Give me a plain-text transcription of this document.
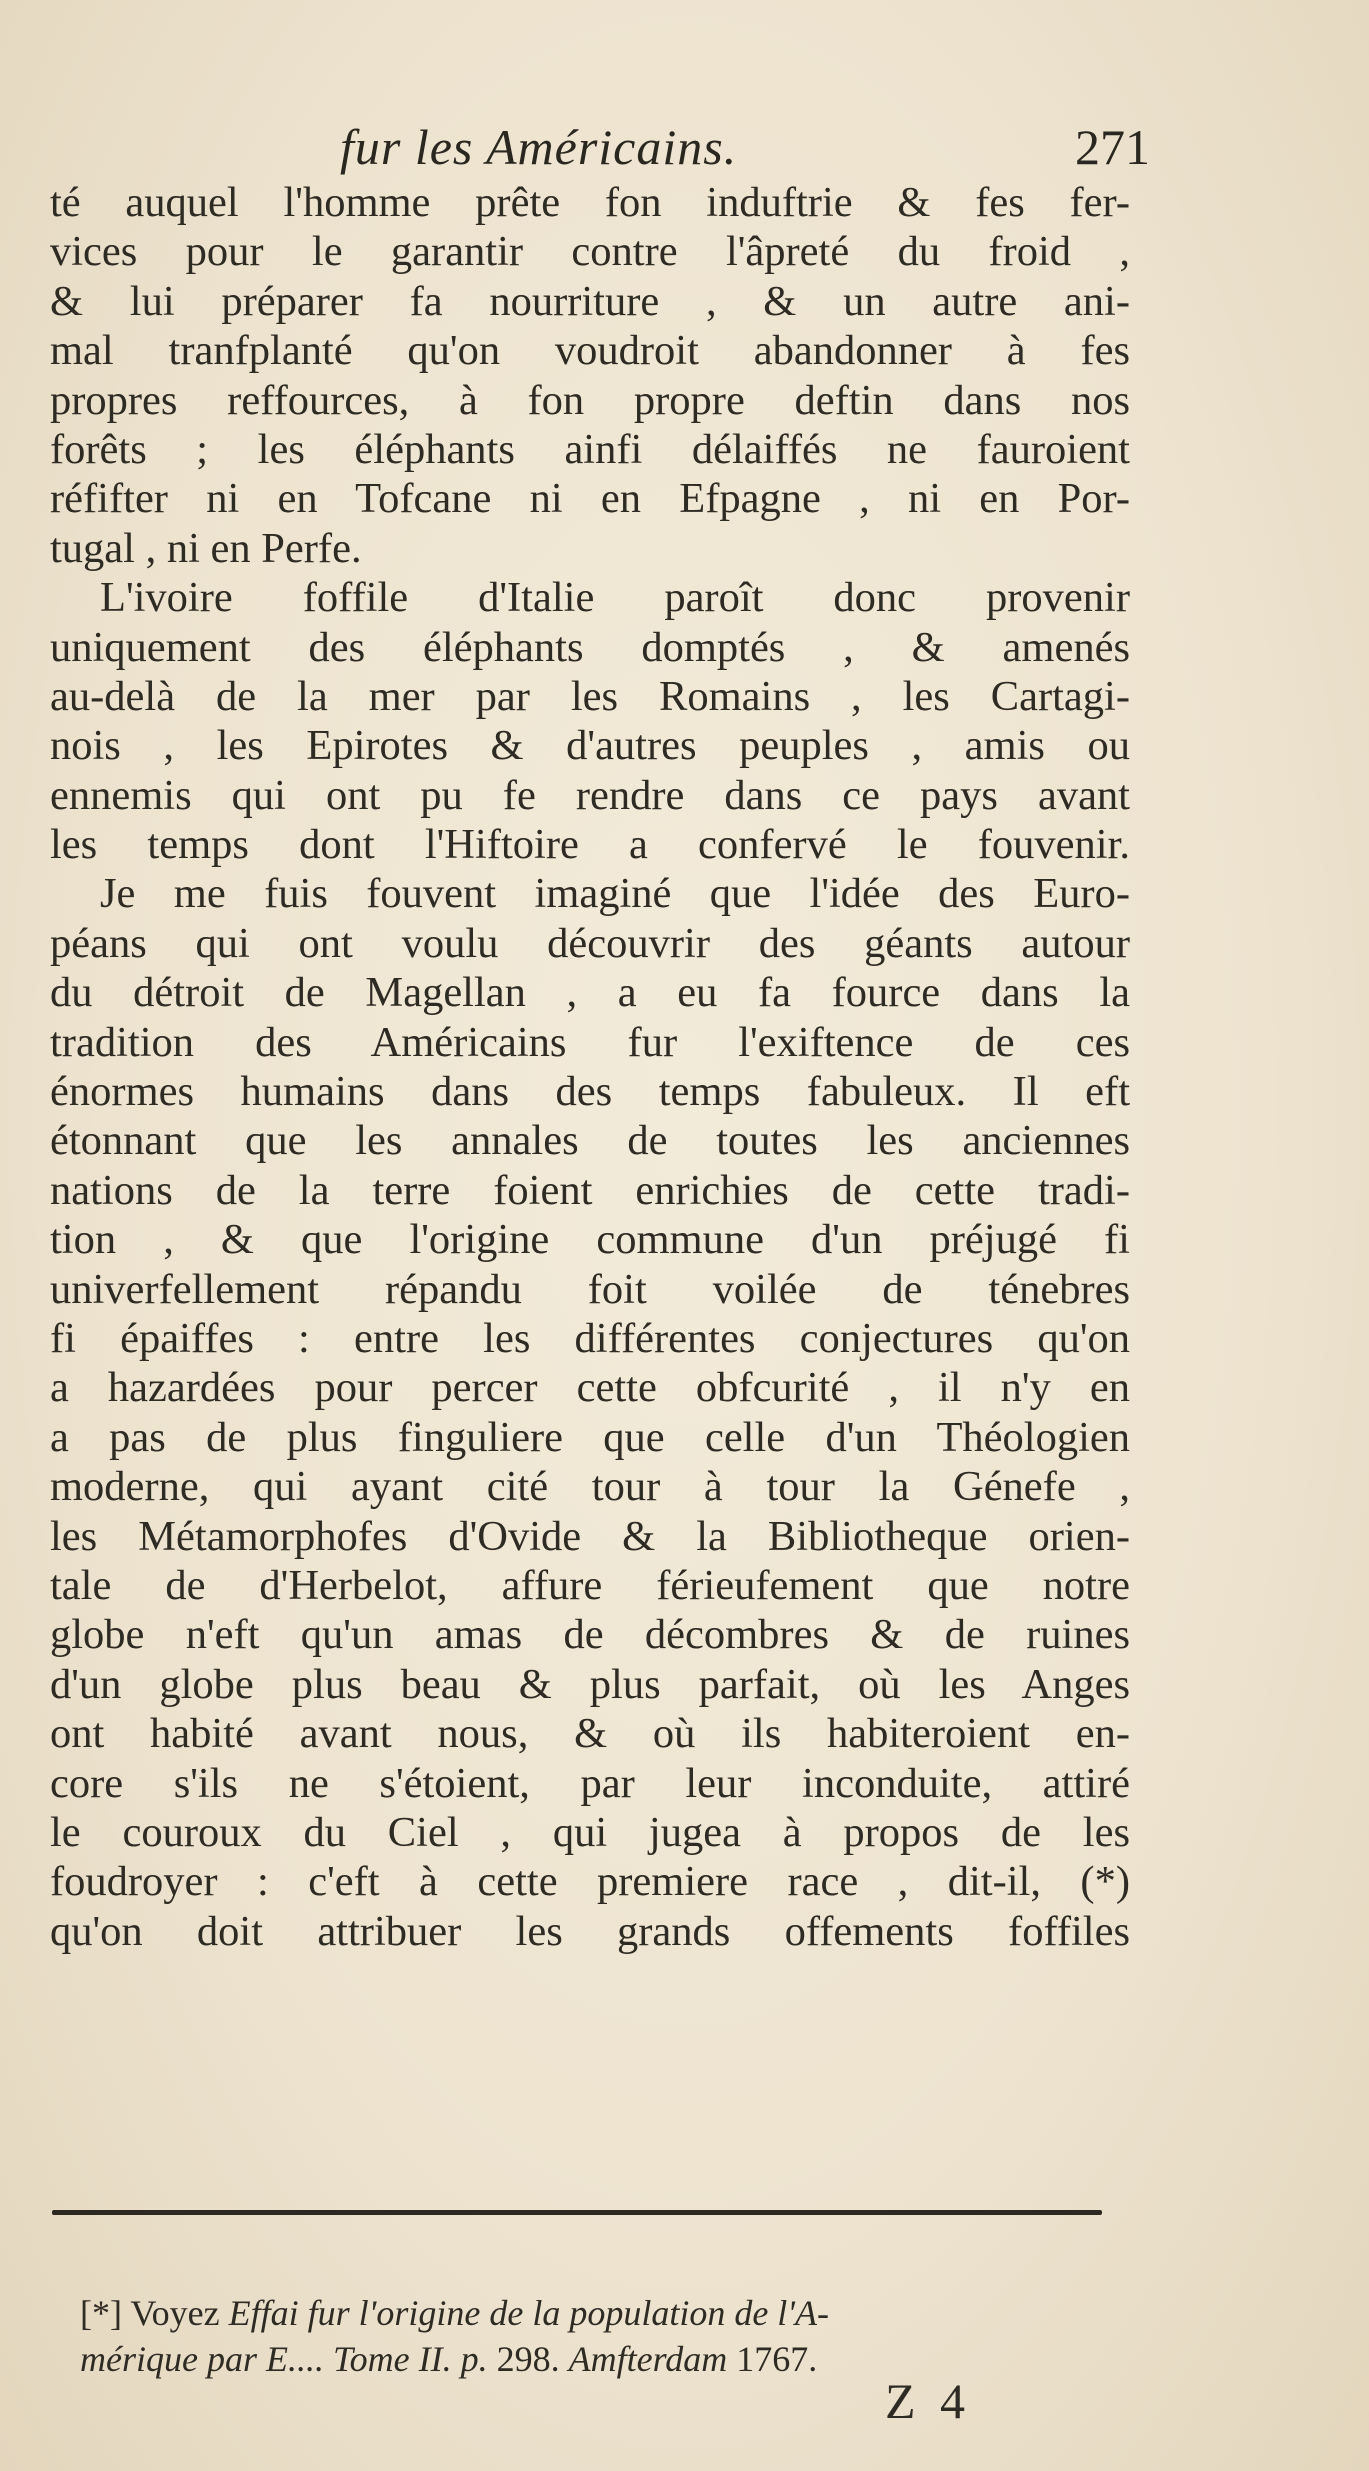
fur les Américains.	271
té auquel l'homme prête fon induftrie & fes fer-
vices pour le garantir contre l'âpreté du froid ,
& lui préparer fa nourriture , & un autre ani-
mal tranfplanté qu'on voudroit abandonner à fes
propres reffources, à fon propre deftin dans nos
forêts ; les éléphants ainfi délaiffés ne fauroient
réfifter ni en Tofcane ni en Efpagne , ni en Por-
tugal , ni en Perfe.
L'ivoire foffile d'Italie paroît donc provenir
uniquement des éléphants domptés , & amenés
au-delà de la mer par les Romains , les Cartagi-
nois , les Epirotes & d'autres peuples , amis ou
ennemis qui ont pu fe rendre dans ce pays avant
les temps dont l'Hiftoire a confervé le fouvenir.
Je me fuis fouvent imaginé que l'idée des Euro-
péans qui ont voulu découvrir des géants autour
du détroit de Magellan , a eu fa fource dans la
tradition des Américains fur l'exiftence de ces
énormes humains dans des temps fabuleux. Il eft
étonnant que les annales de toutes les anciennes
nations de la terre foient enrichies de cette tradi-
tion , & que l'origine commune d'un préjugé fi
univerfellement répandu foit voilée de ténebres
fi épaiffes : entre les différentes conjectures qu'on
a hazardées pour percer cette obfcurité , il n'y en
a pas de plus finguliere que celle d'un Théologien
moderne, qui ayant cité tour à tour la Génefe ,
les Métamorphofes d'Ovide & la Bibliotheque orien-
tale de d'Herbelot, affure férieufement que notre
globe n'eft qu'un amas de décombres & de ruines
d'un globe plus beau & plus parfait, où les Anges
ont habité avant nous, & où ils habiteroient en-
core s'ils ne s'étoient, par leur inconduite, attiré
le couroux du Ciel , qui jugea à propos de les
foudroyer : c'eft à cette premiere race , dit-il, (*)
qu'on doit attribuer les grands offements foffiles
[*] Voyez Effai fur l'origine de la population de l'A-
mérique par E.... Tome II. p. 298. Amfterdam 1767.
Z 4
